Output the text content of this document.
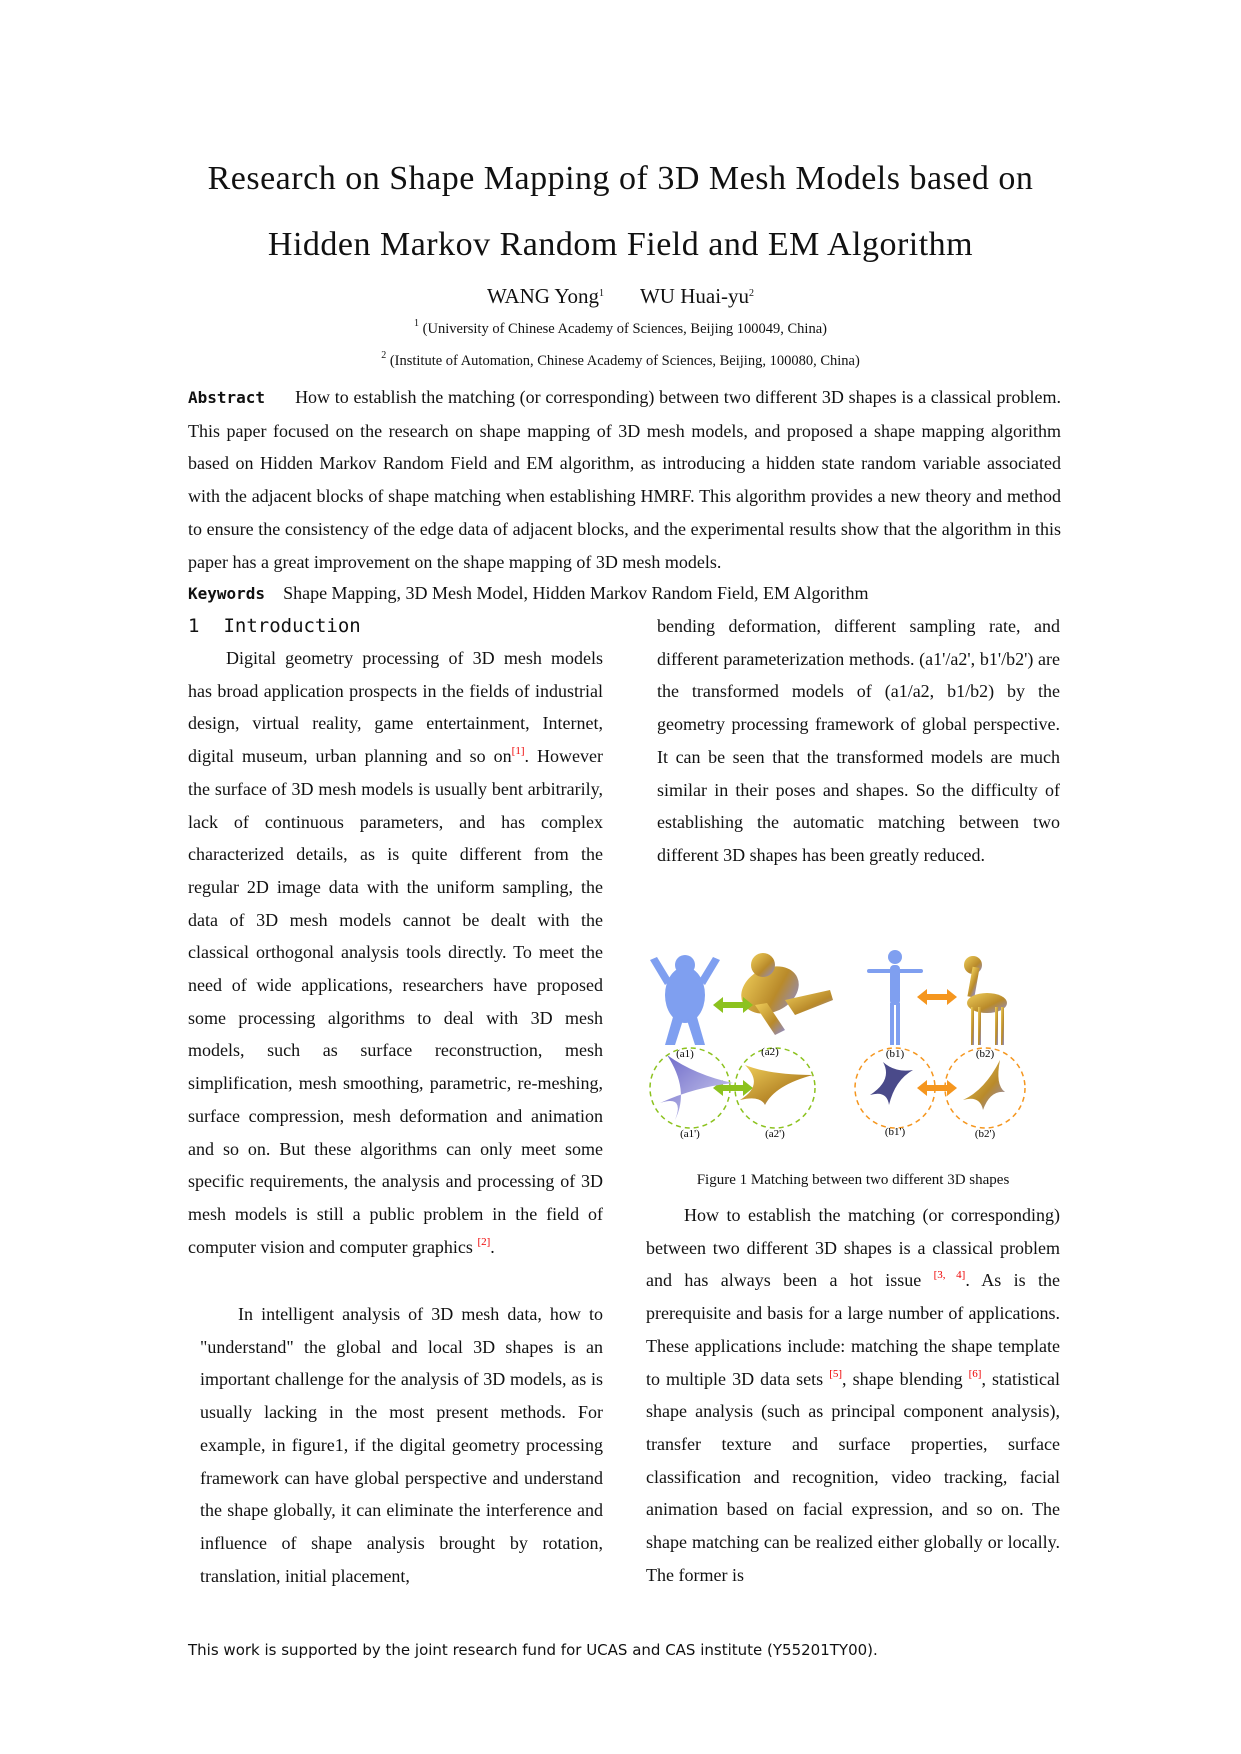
Research on Shape Mapping of 3D Mesh Models based on
Hidden Markov Random Field and EM Algorithm
WANG Yong$^1$ WU Huai-$yu^2$
$^1$ (University of Chinese Academy of Sciences, Beijing 100049, China)
$^2$ (Institute of Automation, Chinese Academy of Sciences, Beijing, 100080, China)
Abstract How to establish the matching (or corresponding) between two different 3D shapes is a classical problem. This paper focused on the research on shape mapping of 3D mesh models, and proposed a shape mapping algorithm based on Hidden Markov Random Field and EM algorithm, as introducing a hidden state random variable associated with the adjacent blocks of shape matching when establishing HMRF. This algorithm provides a new theory and method to ensure the consistency of the edge data of adjacent blocks, and the experimental results show that the algorithm in this paper has a great improvement on the shape mapping of 3D mesh models.
Keywords Shape Mapping, 3D Mesh Model, Hidden Markov Random Field, EM Algorithm
1 Introduction

Digital geometry processing of 3D mesh models has broad application prospects in the fields of industrial design, virtual reality, game entertainment, Internet, digital museum, urban planning and so on[1]. However the surface of 3D mesh models is usually bent arbitrarily, lack of continuous parameters, and has complex characterized details, as is quite different from the regular 2D image data with the uniform sampling, the data of 3D mesh models cannot be dealt with the classical orthogonal analysis tools directly. To meet the need of wide applications, researchers have proposed some processing algorithms to deal with 3D mesh models, such as surface reconstruction, mesh simplification, mesh smoothing, parametric, re-meshing, surface compression, mesh deformation and animation and so on. But these algorithms can only meet some specific requirements, the analysis and processing of 3D mesh models is still a public problem in the field of computer vision and computer graphics [2].

In intelligent analysis of 3D mesh data, how to "understand" the global and local 3D shapes is an important challenge for the analysis of 3D models, as is usually lacking in the most present methods. For example, in figure1, if the digital geometry processing framework can have global perspective and understand the shape globally, it can eliminate the interference and influence of shape analysis brought by rotation, translation, initial placement,

bending deformation, different sampling rate, and different parameterization methods. (a1'/a2', b1'/b2') are the transformed models of (a1/a2, b1/b2) by the geometry processing framework of global perspective. It can be seen that the transformed models are much similar in their poses and shapes. So the difficulty of establishing the automatic matching between two different 3D shapes has been greatly reduced.

(a1)	(a2)	(b1)	(b2)
(a1')	(a2')	(b1')	(b2')
Figure 1 Matching between two different 3D shapes

How to establish the matching (or corresponding) between two different 3D shapes is a classical problem and has always been a hot issue [3, 4]. As is the prerequisite and basis for a large number of applications. These applications include: matching the shape template to multiple 3D data sets [5], shape blending [6], statistical shape analysis (such as principal component analysis), transfer texture and surface properties, surface classification and recognition, video tracking, facial animation based on facial expression, and so on. The shape matching can be realized either globally or locally. The former is

This work is supported by the joint research fund for UCAS and CAS institute (Y55201TY00).
